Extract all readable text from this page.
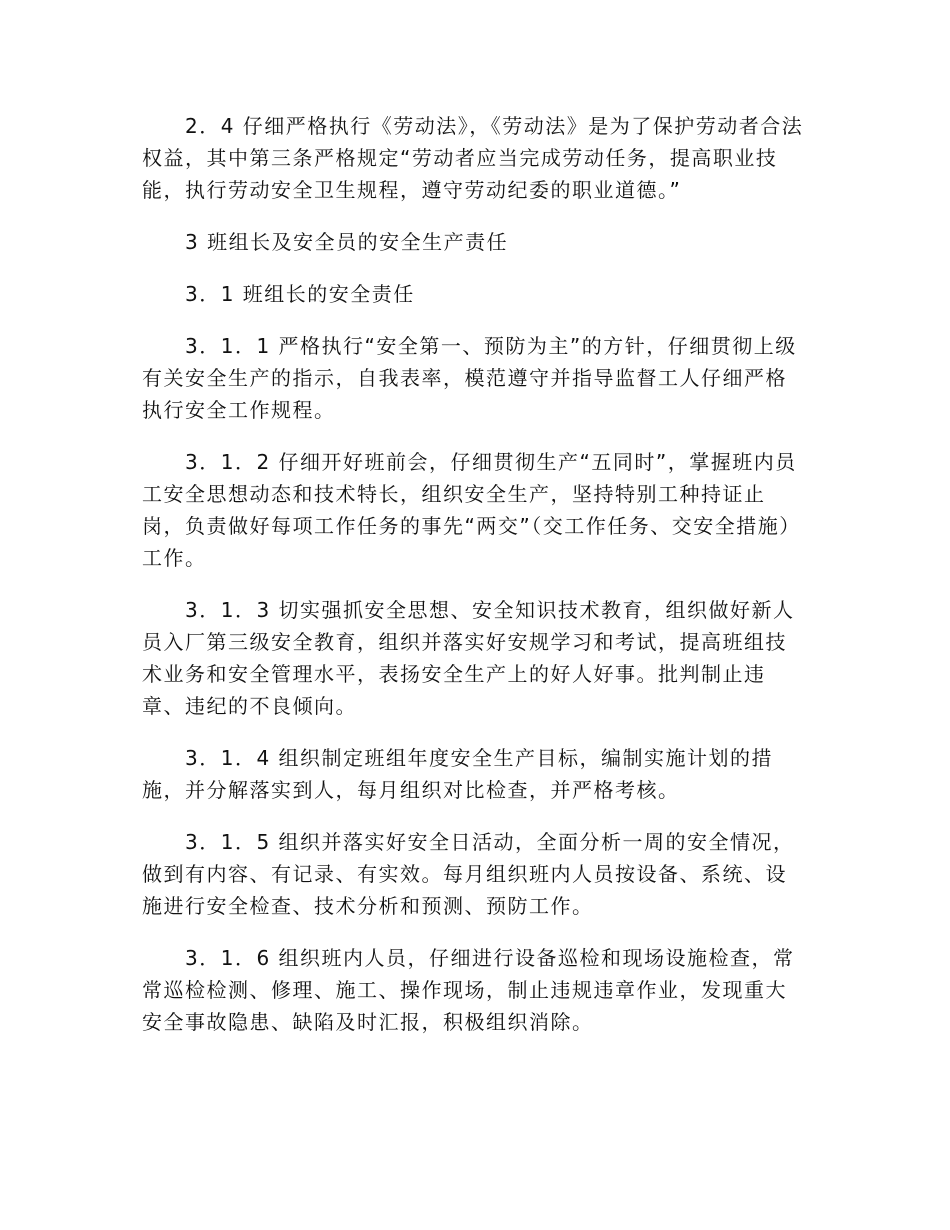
2．4 仔细严格执行《劳动法》，《劳动法》是为了保护劳动者合法权益，其中第三条严格规定“劳动者应当完成劳动任务，提高职业技能，执行劳动安全卫生规程，遵守劳动纪委的职业道德。”

3 班组长及安全员的安全生产责任

3．1 班组长的安全责任

3．1．1 严格执行“安全第一、预防为主”的方针，仔细贯彻上级有关安全生产的指示，自我表率，模范遵守并指导监督工人仔细严格执行安全工作规程。

3．1．2 仔细开好班前会，仔细贯彻生产“五同时”，掌握班内员工安全思想动态和技术特长，组织安全生产，坚持特别工种持证止岗，负责做好每项工作任务的事先“两交”（交工作任务、交安全措施）工作。

3．1．3 切实强抓安全思想、安全知识技术教育，组织做好新人员入厂第三级安全教育，组织并落实好安规学习和考试，提高班组技术业务和安全管理水平，表扬安全生产上的好人好事。批判制止违章、违纪的不良倾向。

3．1．4 组织制定班组年度安全生产目标，编制实施计划的措施，并分解落实到人，每月组织对比检查，并严格考核。

3．1．5 组织并落实好安全日活动，全面分析一周的安全情况，做到有内容、有记录、有实效。每月组织班内人员按设备、系统、设施进行安全检查、技术分析和预测、预防工作。

3．1．6 组织班内人员，仔细进行设备巡检和现场设施检查，常常巡检检测、修理、施工、操作现场，制止违规违章作业，发现重大安全事故隐患、缺陷及时汇报，积极组织消除。
